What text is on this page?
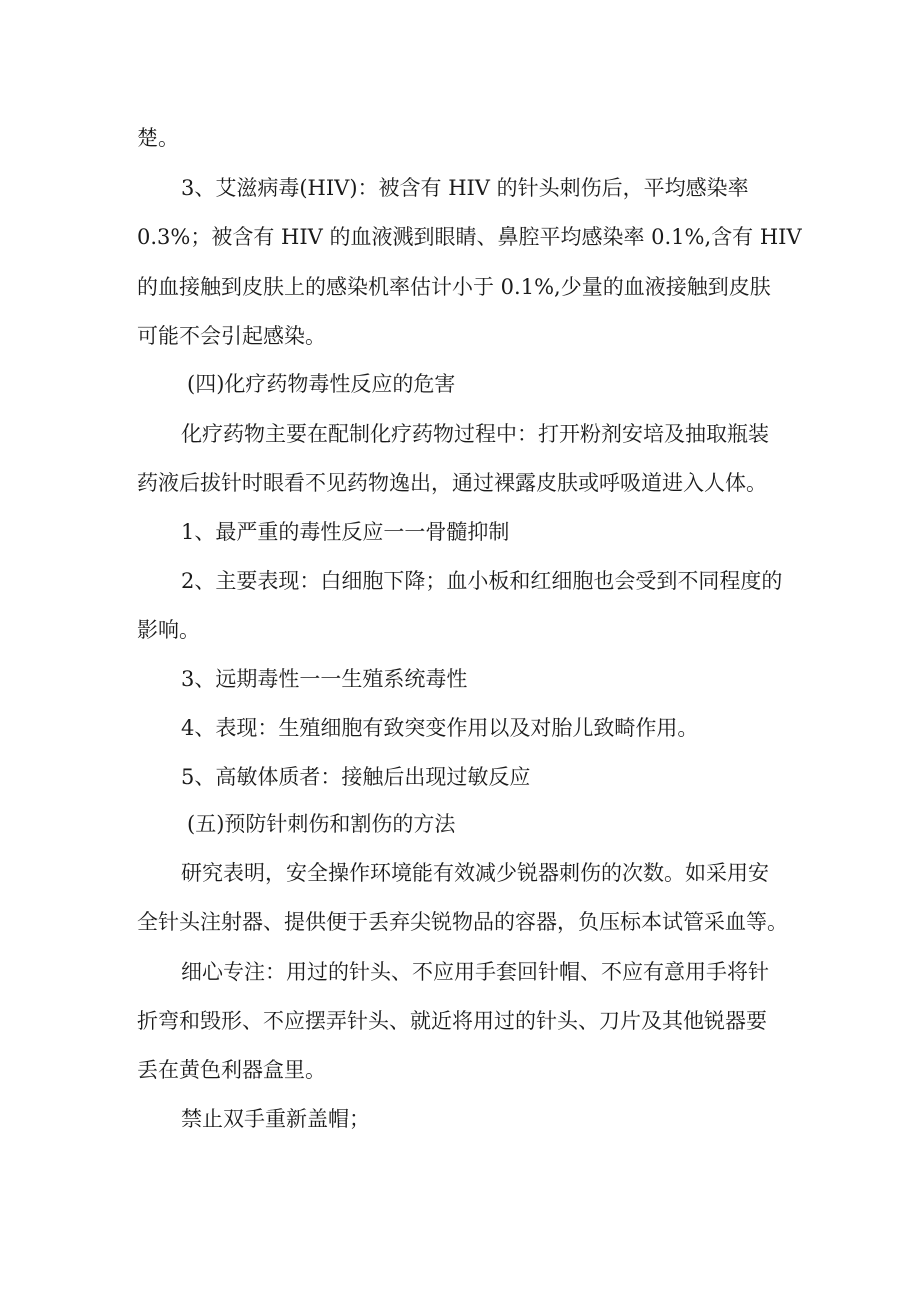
楚。
3、艾滋病毒(HIV)：被含有 HIV 的针头刺伤后，平均感染率
0.3%；被含有 HIV 的血液溅到眼睛、鼻腔平均感染率 0.1%,含有 HIV
的血接触到皮肤上的感染机率估计小于 0.1%,少量的血液接触到皮肤
可能不会引起感染。
(四)化疗药物毒性反应的危害
化疗药物主要在配制化疗药物过程中：打开粉剂安培及抽取瓶装
药液后拔针时眼看不见药物逸出，通过裸露皮肤或呼吸道进入人体。
1、最严重的毒性反应一一骨髓抑制
2、主要表现：白细胞下降；血小板和红细胞也会受到不同程度的
影响。
3、远期毒性一一生殖系统毒性
4、表现：生殖细胞有致突变作用以及对胎儿致畸作用。
5、高敏体质者：接触后出现过敏反应
(五)预防针刺伤和割伤的方法
研究表明，安全操作环境能有效减少锐器刺伤的次数。如采用安
全针头注射器、提供便于丢弃尖锐物品的容器，负压标本试管采血等。
细心专注：用过的针头、不应用手套回针帽、不应有意用手将针
折弯和毁形、不应摆弄针头、就近将用过的针头、刀片及其他锐器要
丢在黄色利器盒里。
禁止双手重新盖帽；
